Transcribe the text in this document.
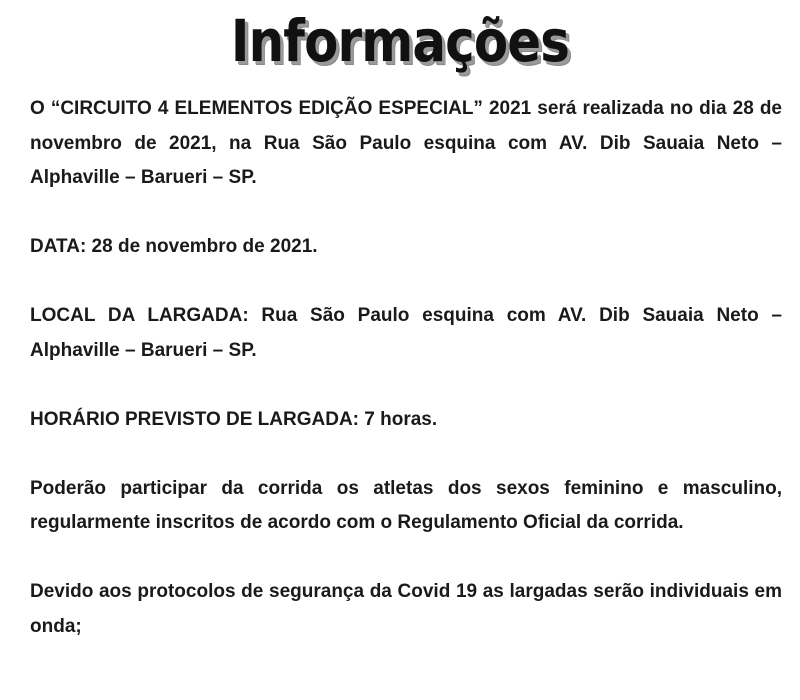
Informações

O “CIRCUITO 4 ELEMENTOS EDIÇÃO ESPECIAL” 2021 será realizada no dia 28 de novembro de 2021, na Rua São Paulo esquina com AV. Dib Sauaia Neto – Alphaville – Barueri – SP.

DATA: 28 de novembro de 2021.

LOCAL DA LARGADA: Rua São Paulo esquina com AV. Dib Sauaia Neto – Alphaville – Barueri – SP.

HORÁRIO PREVISTO DE LARGADA: 7 horas.

Poderão participar da corrida os atletas dos sexos feminino e masculino, regularmente inscritos de acordo com o Regulamento Oficial da corrida.

Devido aos protocolos de segurança da Covid 19 as largadas serão individuais em onda;
